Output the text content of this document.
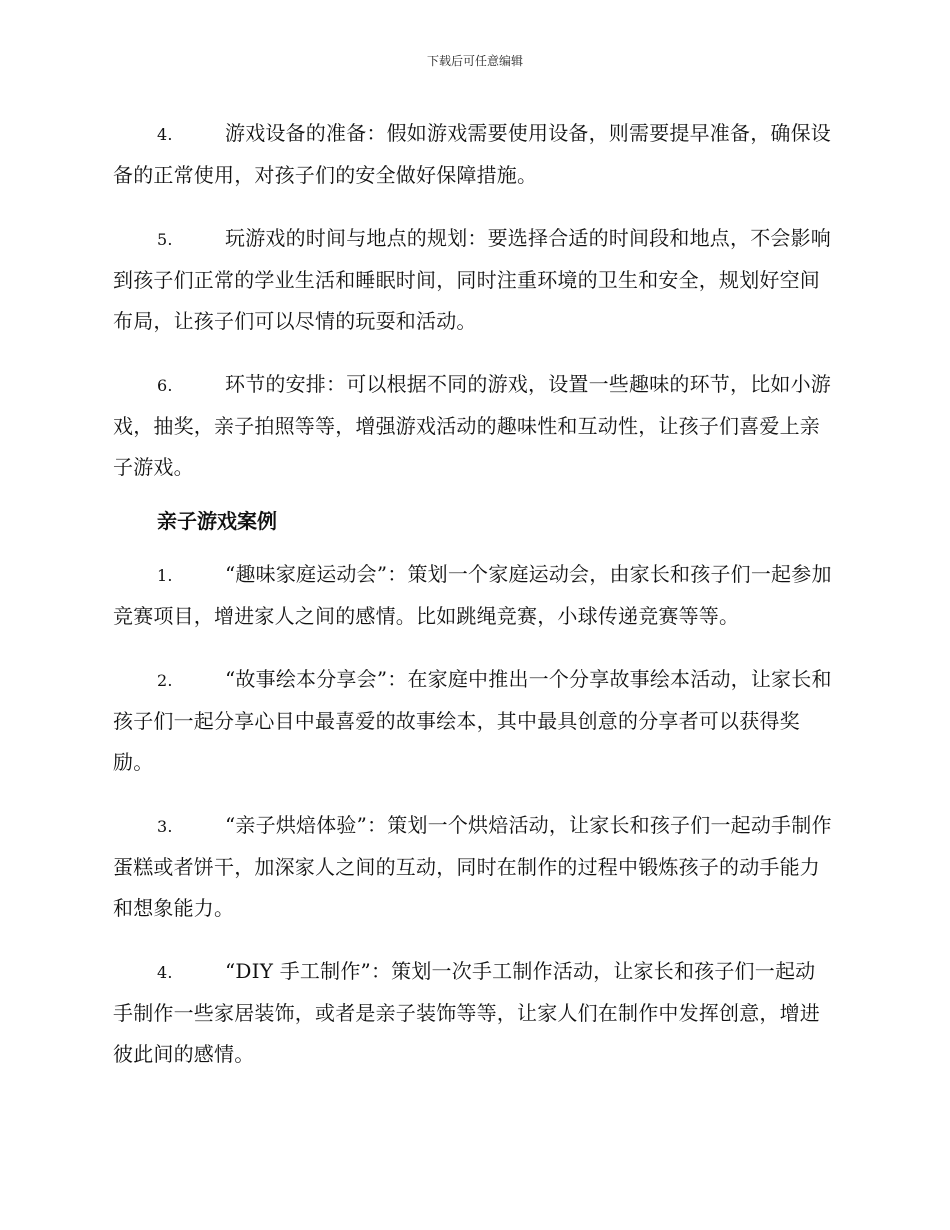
下载后可任意编辑

4.	游戏设备的准备：假如游戏需要使用设备，则需要提早准备，确保设备的正常使用，对孩子们的安全做好保障措施。

5.	玩游戏的时间与地点的规划：要选择合适的时间段和地点，不会影响到孩子们正常的学业生活和睡眠时间，同时注重环境的卫生和安全，规划好空间布局，让孩子们可以尽情的玩耍和活动。

6.	环节的安排：可以根据不同的游戏，设置一些趣味的环节，比如小游戏，抽奖，亲子拍照等等，增强游戏活动的趣味性和互动性，让孩子们喜爱上亲子游戏。

亲子游戏案例

1.	“趣味家庭运动会”：策划一个家庭运动会，由家长和孩子们一起参加竞赛项目，增进家人之间的感情。比如跳绳竞赛，小球传递竞赛等等。

2.	“故事绘本分享会”：在家庭中推出一个分享故事绘本活动，让家长和孩子们一起分享心目中最喜爱的故事绘本，其中最具创意的分享者可以获得奖励。

3.	“亲子烘焙体验”：策划一个烘焙活动，让家长和孩子们一起动手制作蛋糕或者饼干，加深家人之间的互动，同时在制作的过程中锻炼孩子的动手能力和想象能力。

4.	“DIY 手工制作”：策划一次手工制作活动，让家长和孩子们一起动手制作一些家居装饰，或者是亲子装饰等等，让家人们在制作中发挥创意，增进彼此间的感情。
